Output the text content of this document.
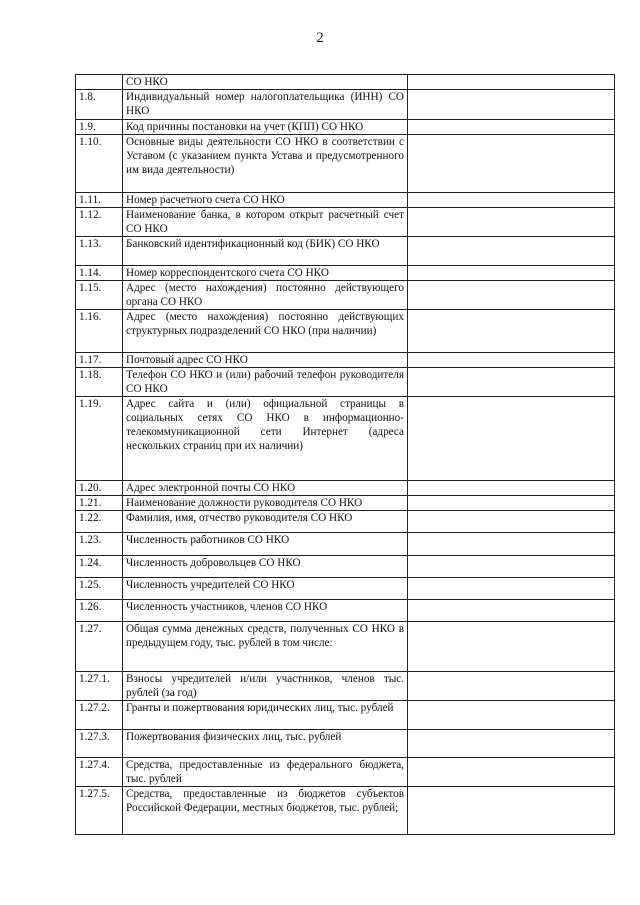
2
	СО НКО	
1.8.	Индивидуальный номер налогоплательщика (ИНН) СО НКО	
1.9.	Код причины постановки на учет (КПП) СО НКО	
1.10.	Основные виды деятельности СО НКО в соответствии с Уставом (с указанием пункта Устава и предусмотренного им вида деятельности)	
1.11.	Номер расчетного счета СО НКО	
1.12.	Наименование банка, в котором открыт расчетный счет СО НКО	
1.13.	Банковский идентификационный код (БИК) СО НКО	
1.14.	Номер корреспондентского счета СО НКО	
1.15.	Адрес (место нахождения) постоянно действующего органа СО НКО	
1.16.	Адрес (место нахождения) постоянно действующих структурных подразделений СО НКО (при наличии)	
1.17.	Почтовый адрес СО НКО	
1.18.	Телефон СО НКО и (или) рабочий телефон руководителя СО НКО	
1.19.	Адрес сайта и (или) официальной страницы в социальных сетях СО НКО в информационно-телекоммуникационной сети Интернет (адреса нескольких страниц при их наличии)	
1.20.	Адрес электронной почты СО НКО	
1.21.	Наименование должности руководителя СО НКО	
1.22.	Фамилия, имя, отчество руководителя СО НКО	
1.23.	Численность работников СО НКО	
1.24.	Численность добровольцев СО НКО	
1.25.	Численность учредителей СО НКО	
1.26.	Численность участников, членов СО НКО	
1.27.	Общая сумма денежных средств, полученных СО НКО в предыдущем году, тыс. рублей в том числе:	
1.27.1.	Взносы учредителей и/или участников, членов тыс. рублей (за год)	
1.27.2.	Гранты и пожертвования юридических лиц, тыс. рублей	
1.27.3.	Пожертвования физических лиц, тыс. рублей	
1.27.4.	Средства, предоставленные из федерального бюджета, тыс. рублей	
1.27.5.	Средства, предоставленные из бюджетов субъектов Российской Федерации, местных бюджетов, тыс. рублей;	
